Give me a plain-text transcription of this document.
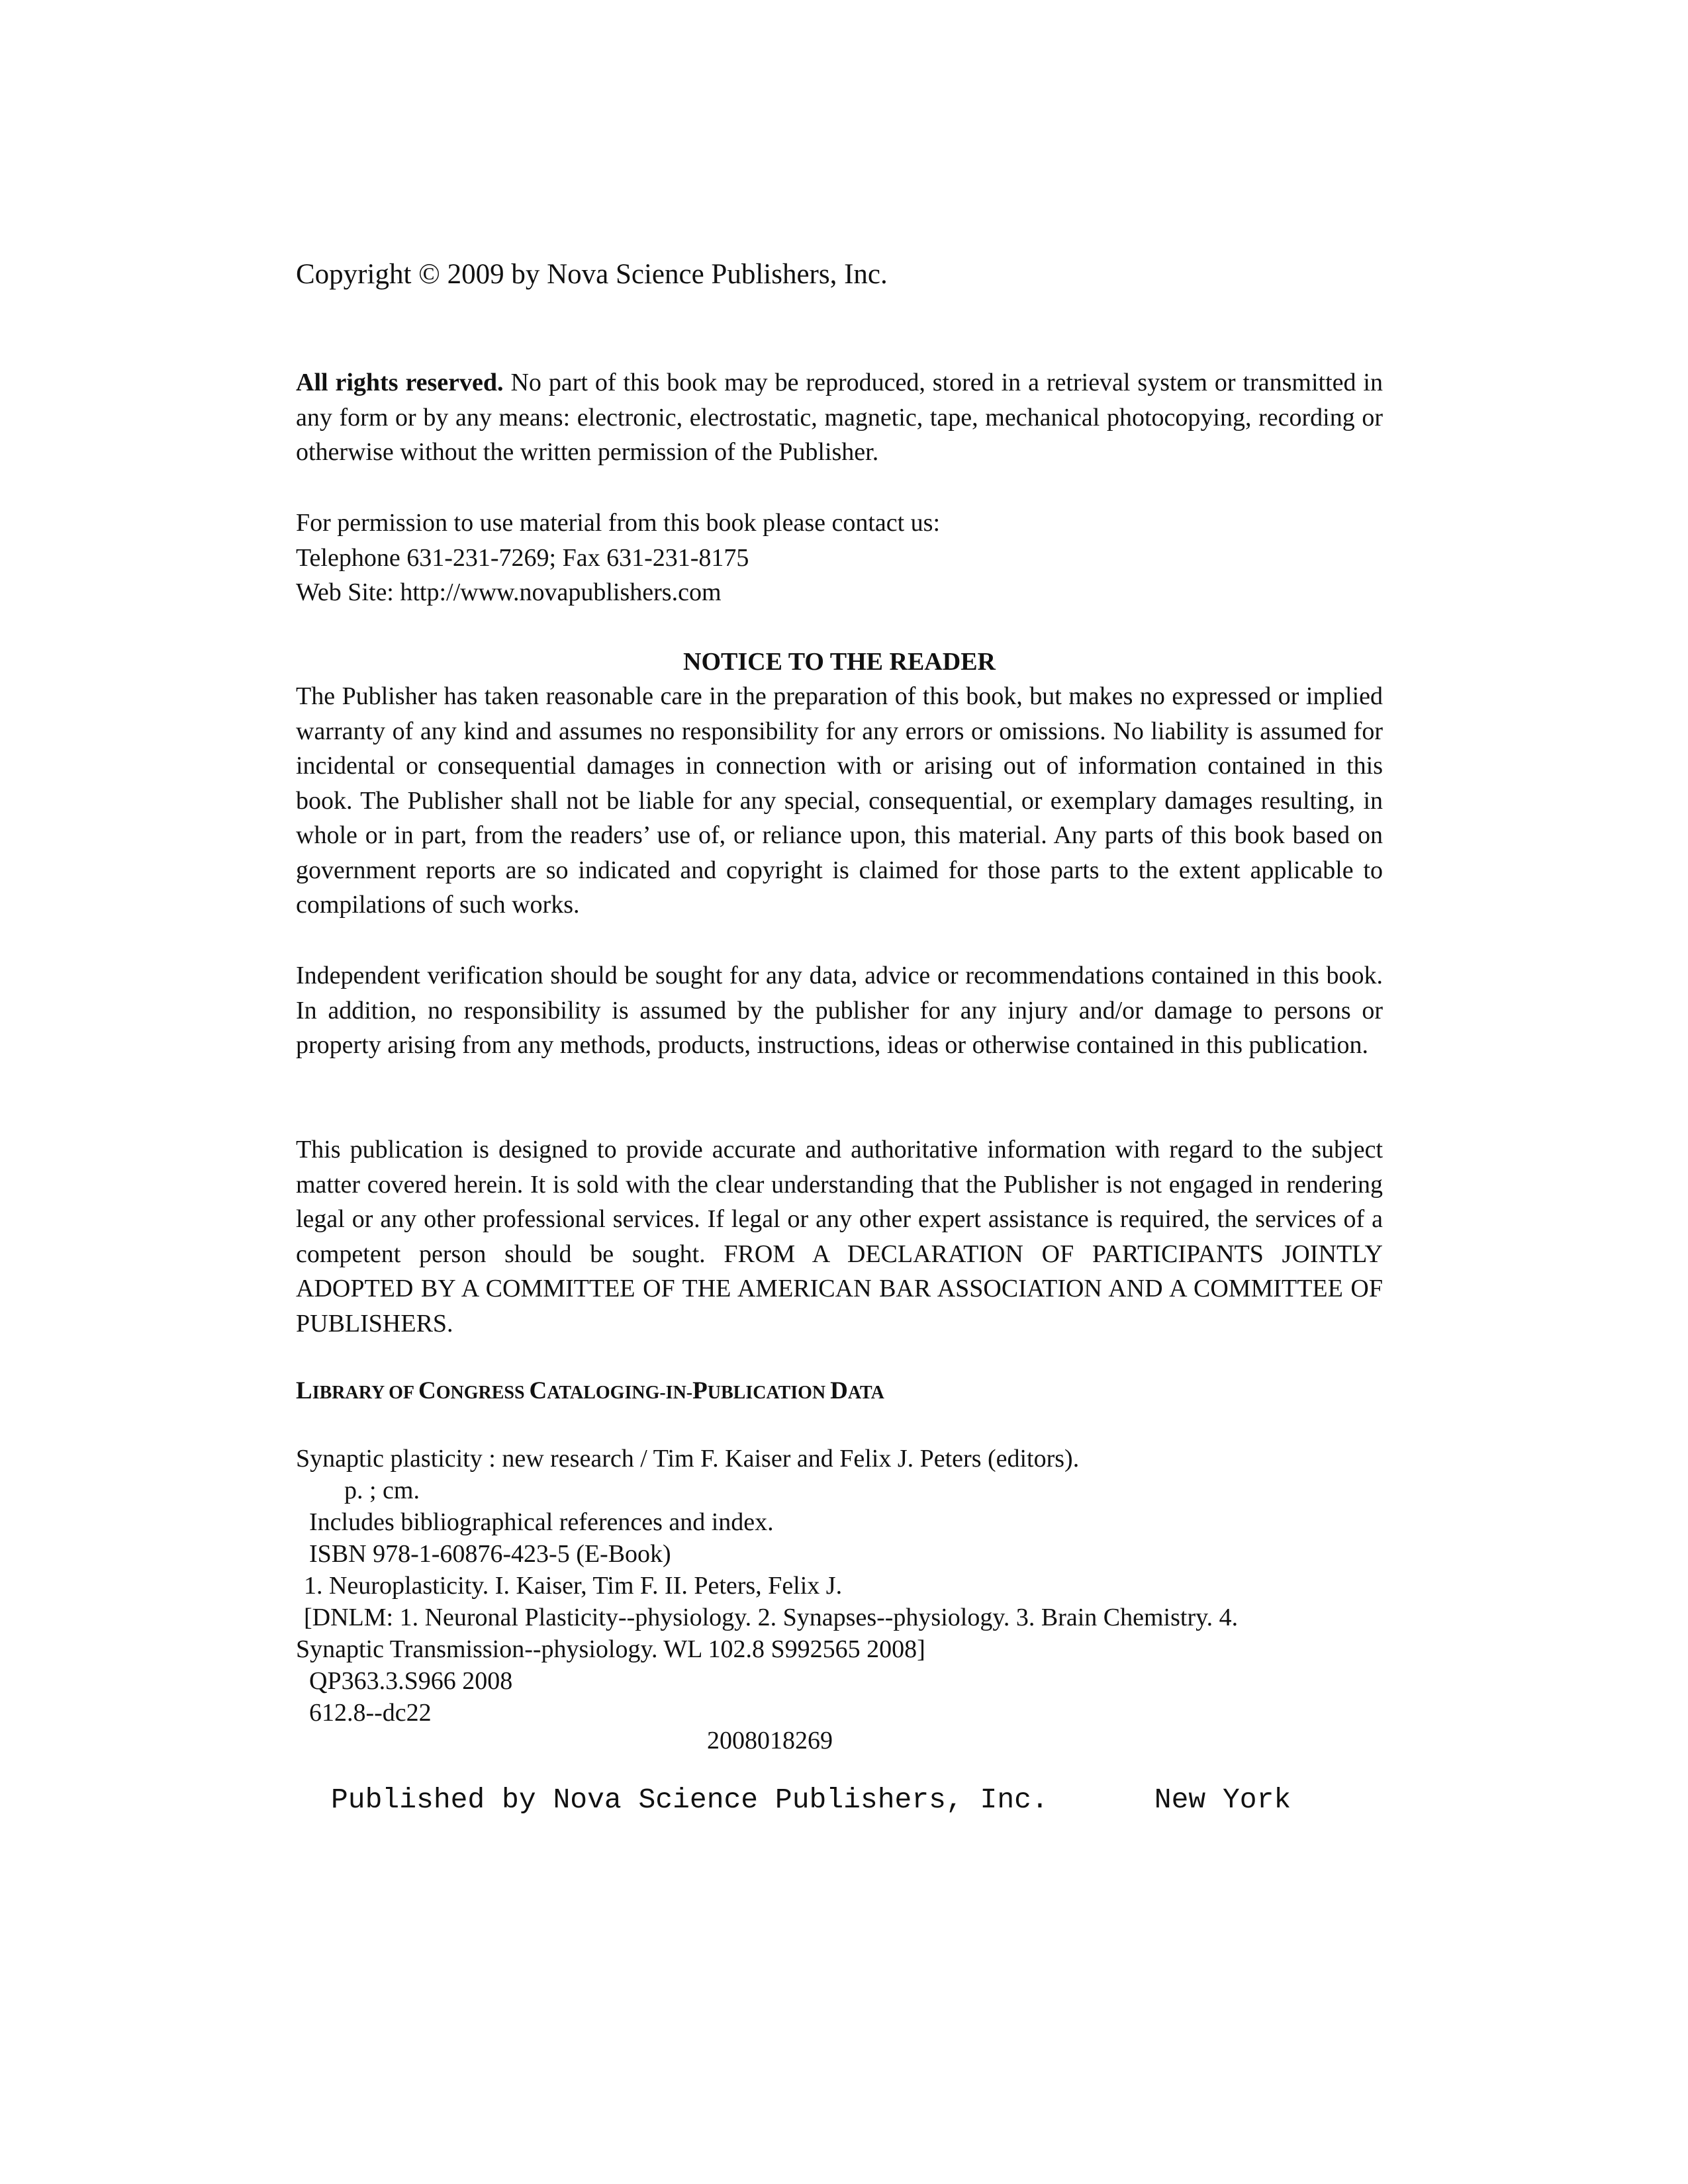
Copyright © 2009 by Nova Science Publishers, Inc.

All rights reserved. No part of this book may be reproduced, stored in a retrieval system or transmitted in any form or by any means: electronic, electrostatic, magnetic, tape, mechanical photocopying, recording or otherwise without the written permission of the Publisher.

For permission to use material from this book please contact us:
Telephone 631-231-7269; Fax 631-231-8175
Web Site: http://www.novapublishers.com
NOTICE TO THE READER

The Publisher has taken reasonable care in the preparation of this book, but makes no expressed or implied warranty of any kind and assumes no responsibility for any errors or omissions. No liability is assumed for incidental or consequential damages in connection with or arising out of information contained in this book. The Publisher shall not be liable for any special, consequential, or exemplary damages resulting, in whole or in part, from the readers’ use of, or reliance upon, this material. Any parts of this book based on government reports are so indicated and copyright is claimed for those parts to the extent applicable to compilations of such works.

Independent verification should be sought for any data, advice or recommendations contained in this book. In addition, no responsibility is assumed by the publisher for any injury and/or damage to persons or property arising from any methods, products, instructions, ideas or otherwise contained in this publication.

This publication is designed to provide accurate and authoritative information with regard to the subject matter covered herein. It is sold with the clear understanding that the Publisher is not engaged in rendering legal or any other professional services. If legal or any other expert assistance is required, the services of a competent person should be sought. FROM A DECLARATION OF PARTICIPANTS JOINTLY ADOPTED BY A COMMITTEE OF THE AMERICAN BAR ASSOCIATION AND A COMMITTEE OF PUBLISHERS.

LIBRARY OF CONGRESS CATALOGING-IN-PUBLICATION DATA
Synaptic plasticity : new research / Tim F. Kaiser and Felix J. Peters (editors).
p. ; cm.
Includes bibliographical references and index.
ISBN 978-1-60876-423-5 (E-Book)
1. Neuroplasticity. I. Kaiser, Tim F. II. Peters, Felix J.
[DNLM: 1. Neuronal Plasticity--physiology. 2. Synapses--physiology. 3. Brain Chemistry. 4.
Synaptic Transmission--physiology. WL 102.8 S992565 2008]
QP363.3.S966 2008
612.8--dc22
2008018269
Published by Nova Science Publishers, Inc.	New York
